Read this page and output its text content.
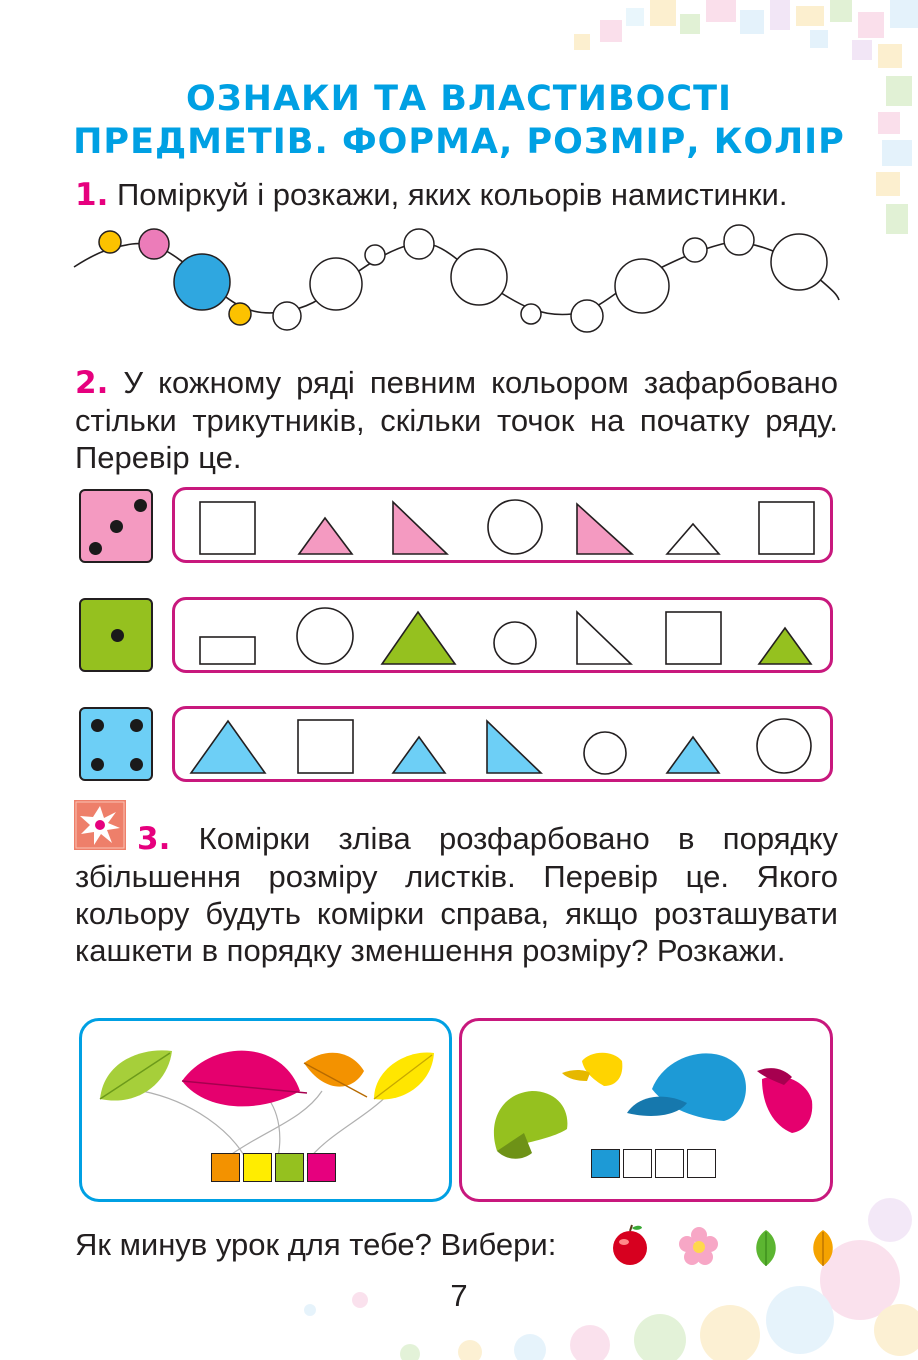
ОЗНАКИ ТА ВЛАСТИВОСТІ
ПРЕДМЕТІВ. ФОРМА, РОЗМІР, КОЛІР
1. Поміркуй і розкажи, яких кольорів намистинки.
2. У кожному ряді певним кольором зафарбовано стільки трикутників, скільки точок на початку ряду. Перевір це.
3. Комірки зліва розфарбовано в порядку збільшення розміру листків. Перевір це. Якого кольору будуть комірки справа, якщо розташувати кашкети в порядку зменшення розміру? Розкажи.
Як минув урок для тебе? Вибери:
7
